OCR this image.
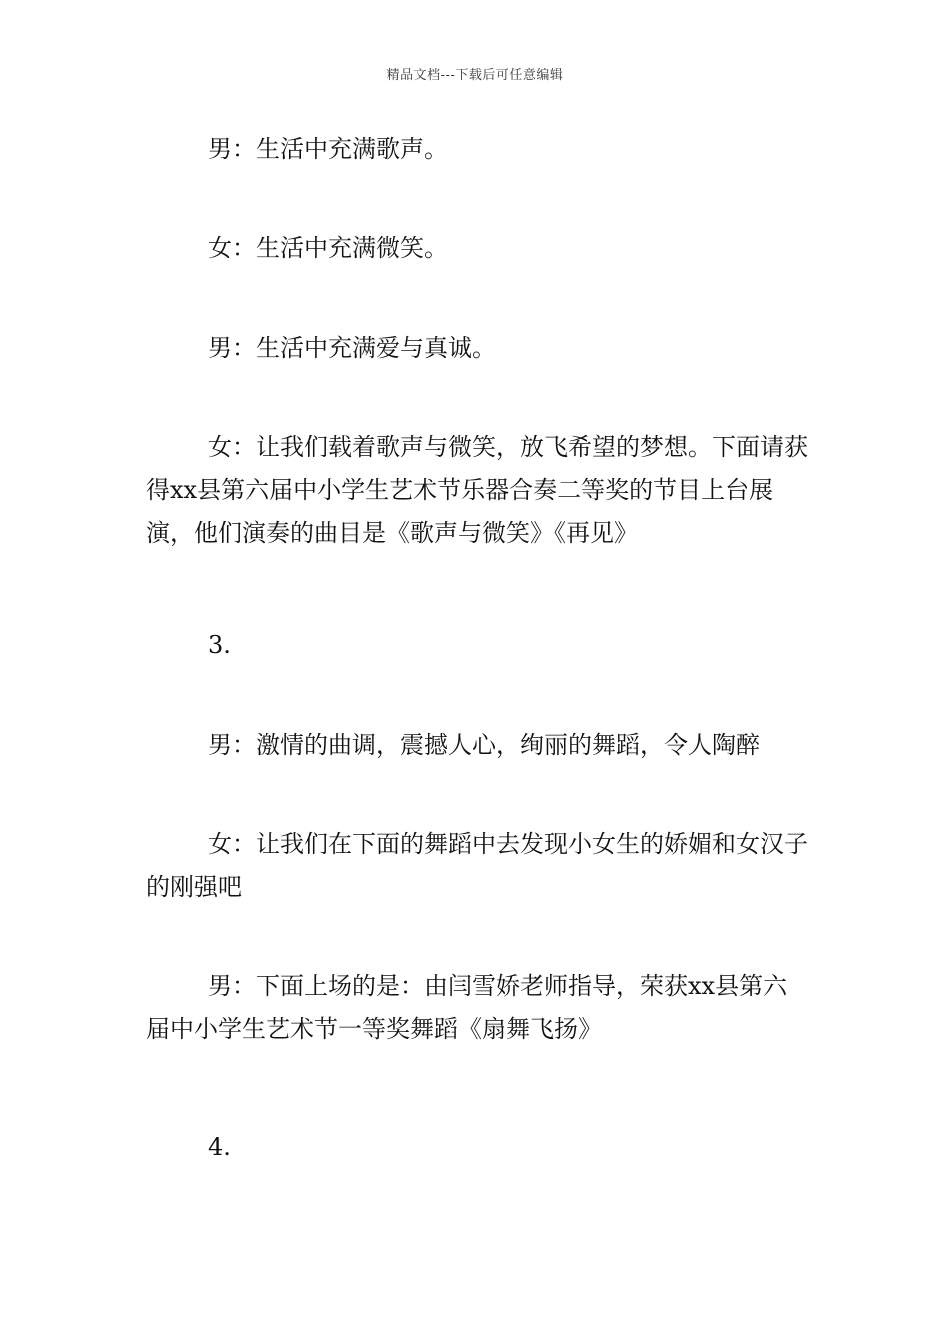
精品文档---下载后可任意编辑

男：生活中充满歌声。

女：生活中充满微笑。

男：生活中充满爱与真诚。

女：让我们载着歌声与微笑，放飞希望的梦想。下面请获得xx县第六届中小学生艺术节乐器合奏二等奖的节目上台展演，他们演奏的曲目是《歌声与微笑》《再见》

3.

男：激情的曲调，震撼人心，绚丽的舞蹈，令人陶醉

女：让我们在下面的舞蹈中去发现小女生的娇媚和女汉子的刚强吧

男：下面上场的是：由闫雪娇老师指导，荣获xx县第六届中小学生艺术节一等奖舞蹈《扇舞飞扬》

4.
